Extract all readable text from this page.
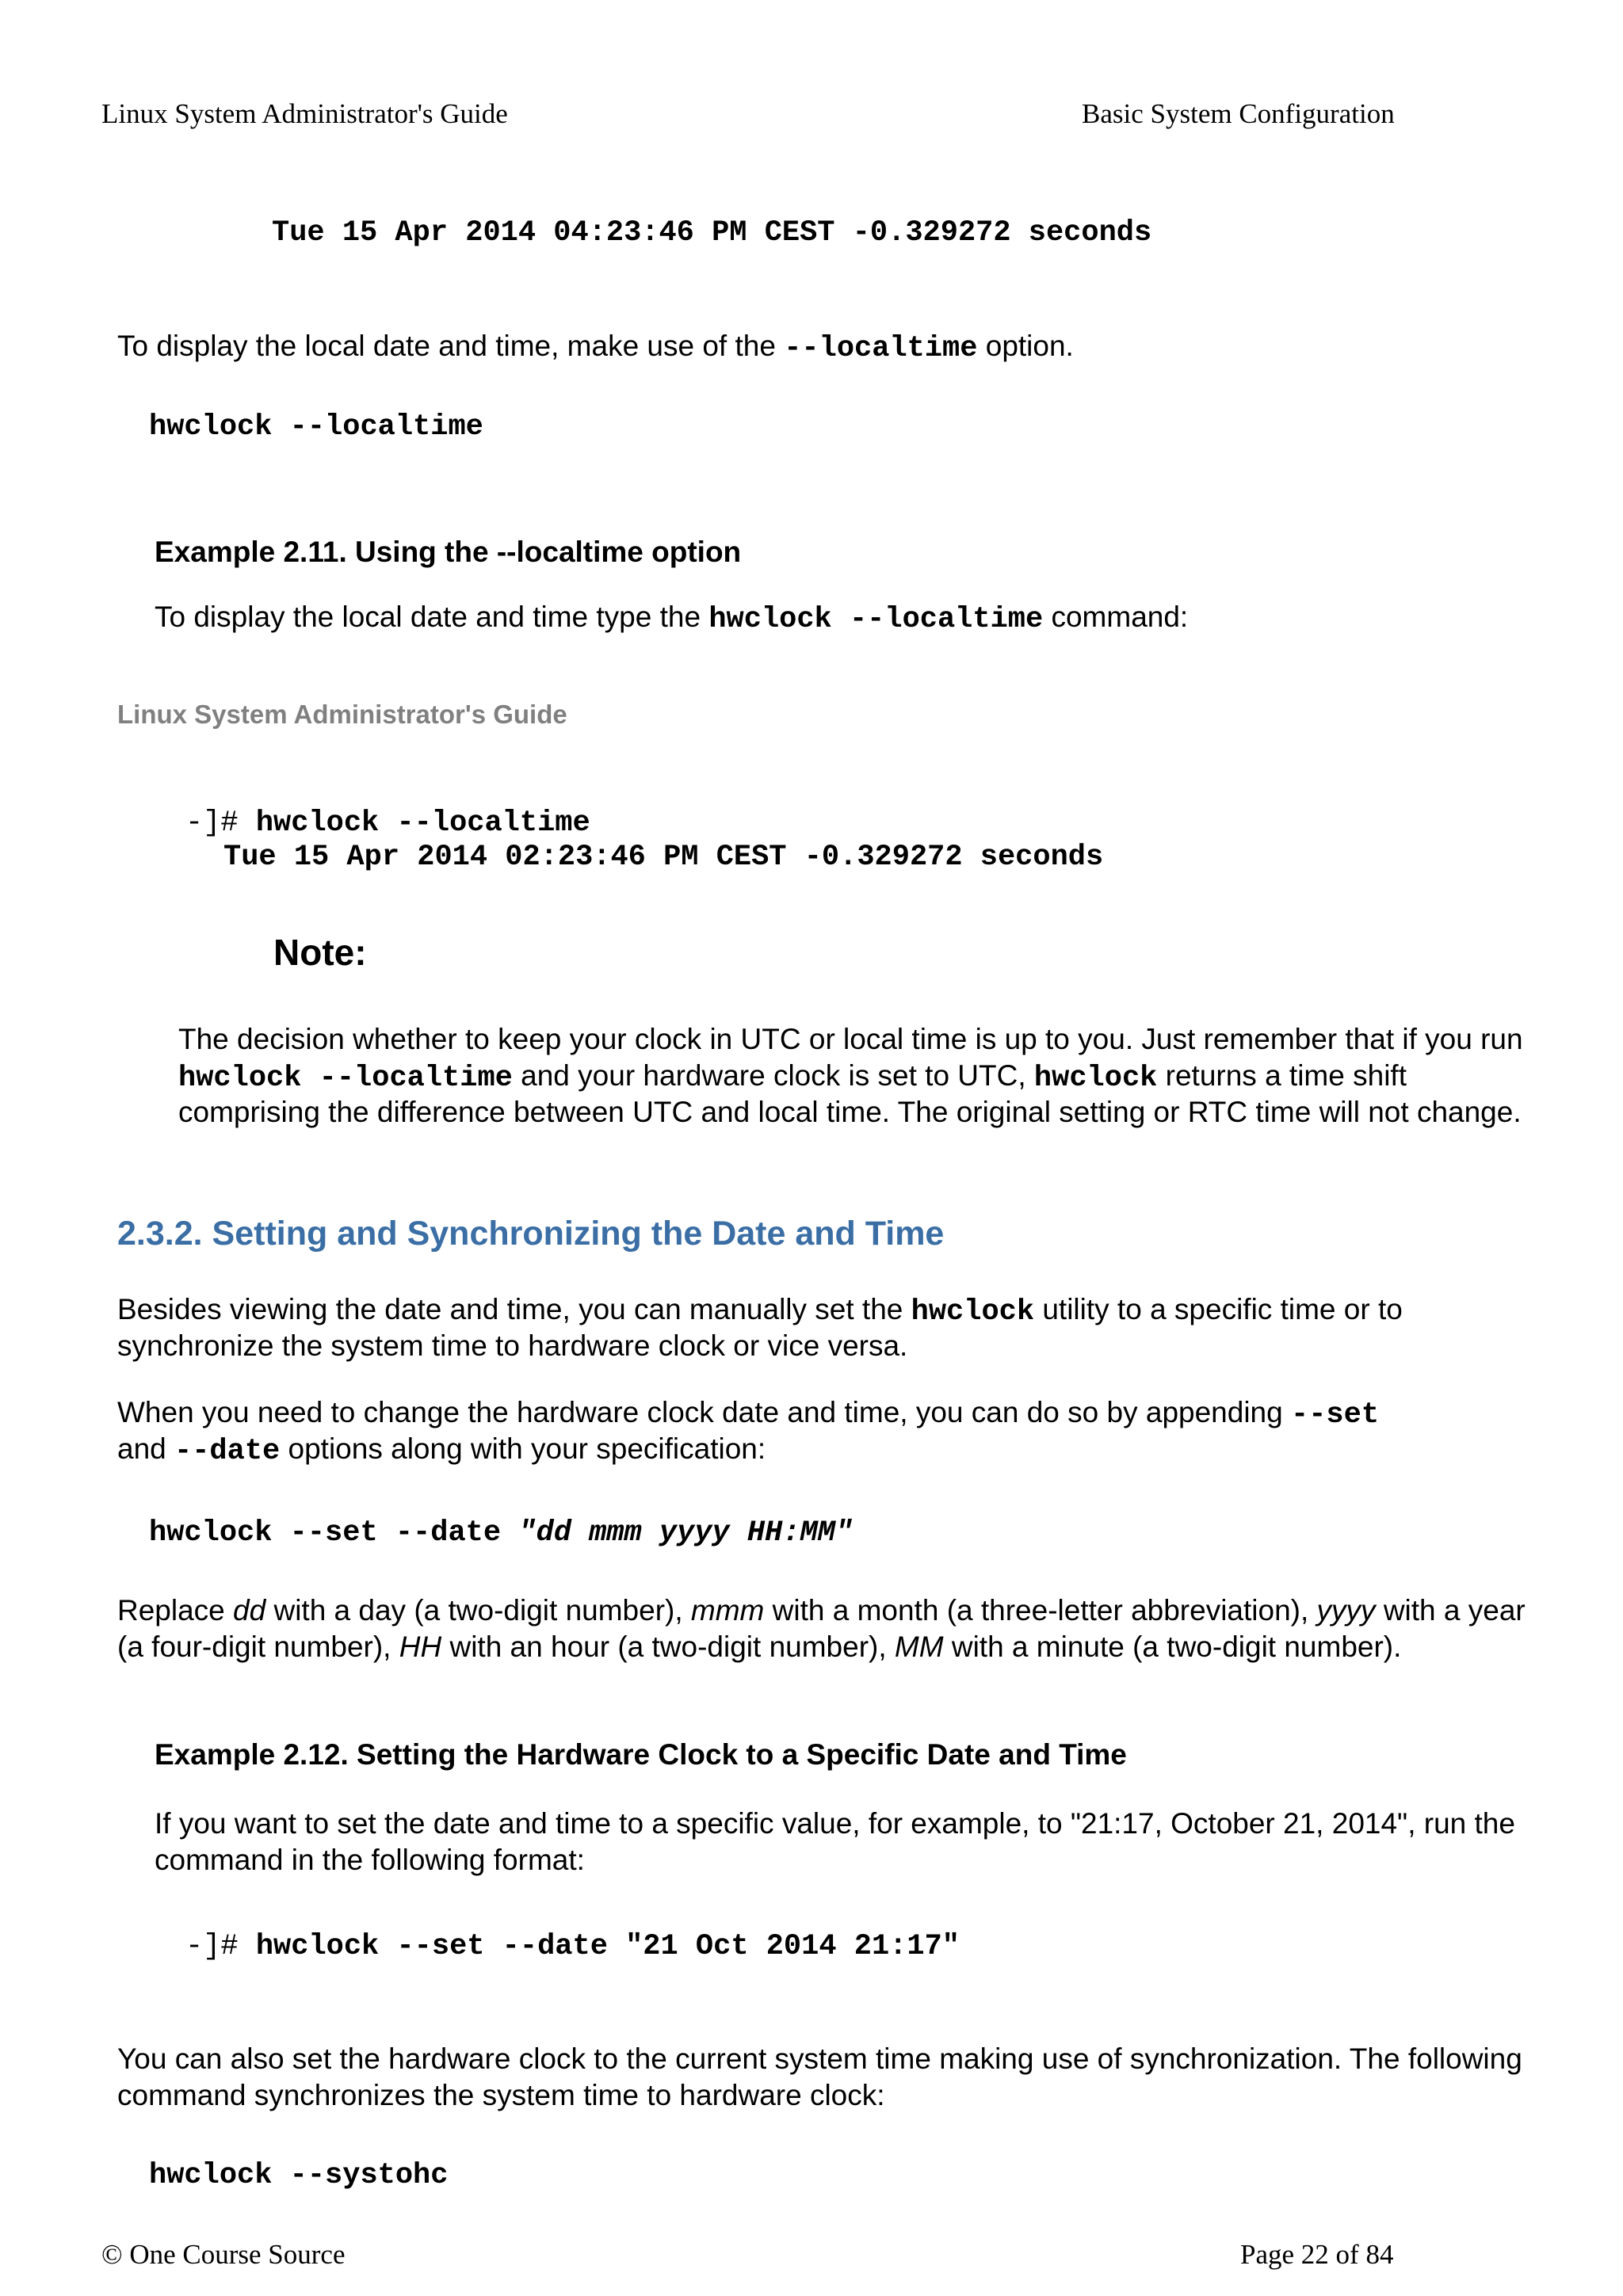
Linux System Administrator's Guide	Basic System Configuration
Tue 15 Apr 2014 04:23:46 PM CEST -0.329272 seconds
To display the local date and time, make use of the --localtime option.
hwclock --localtime
Example 2.11. Using the --localtime option
To display the local date and time type the hwclock --localtime command:
Linux System Administrator's Guide
-]# hwclock --localtime
Tue 15 Apr 2014 02:23:46 PM CEST -0.329272 seconds
Note:
The decision whether to keep your clock in UTC or local time is up to you. Just remember that if you run
hwclock --localtime and your hardware clock is set to UTC, hwclock returns a time shift
comprising the difference between UTC and local time. The original setting or RTC time will not change.
2.3.2. Setting and Synchronizing the Date and Time
Besides viewing the date and time, you can manually set the hwclock utility to a specific time or to
synchronize the system time to hardware clock or vice versa.
When you need to change the hardware clock date and time, you can do so by appending --set
and --date options along with your specification:
hwclock --set --date "dd mmm yyyy HH:MM"
Replace dd with a day (a two-digit number), mmm with a month (a three-letter abbreviation), yyyy with a year
(a four-digit number), HH with an hour (a two-digit number), MM with a minute (a two-digit number).
Example 2.12. Setting the Hardware Clock to a Specific Date and Time
If you want to set the date and time to a specific value, for example, to "21:17, October 21, 2014", run the
command in the following format:
-]# hwclock --set --date "21 Oct 2014 21:17"
You can also set the hardware clock to the current system time making use of synchronization. The following
command synchronizes the system time to hardware clock:
hwclock --systohc
© One Course Source	Page 22 of 84
